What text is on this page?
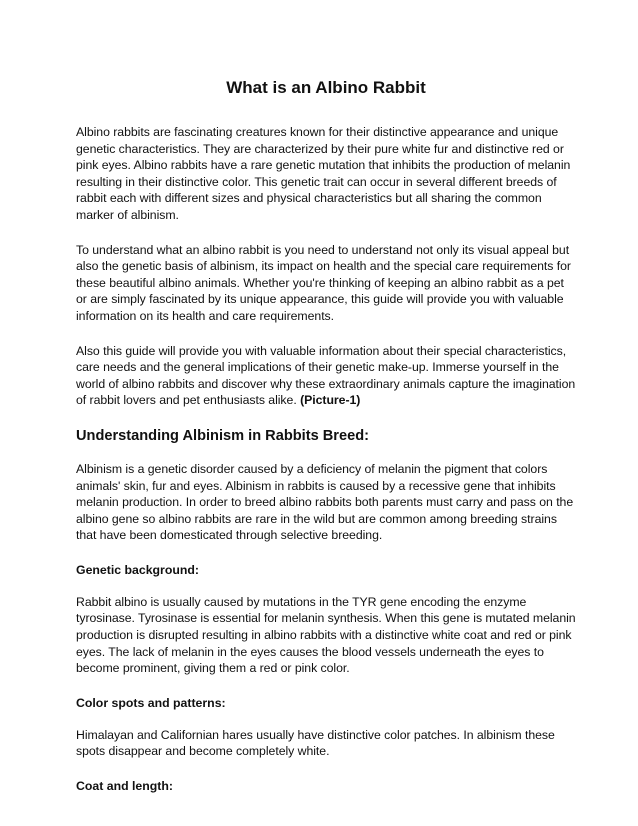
What is an Albino Rabbit

Albino rabbits are fascinating creatures known for their distinctive appearance and unique genetic characteristics. They are characterized by their pure white fur and distinctive red or pink eyes. Albino rabbits have a rare genetic mutation that inhibits the production of melanin resulting in their distinctive color. This genetic trait can occur in several different breeds of rabbit each with different sizes and physical characteristics but all sharing the common marker of albinism.

To understand what an albino rabbit is you need to understand not only its visual appeal but also the genetic basis of albinism, its impact on health and the special care requirements for these beautiful albino animals. Whether you're thinking of keeping an albino rabbit as a pet or are simply fascinated by its unique appearance, this guide will provide you with valuable information on its health and care requirements.

Also this guide will provide you with valuable information about their special characteristics, care needs and the general implications of their genetic make-up. Immerse yourself in the world of albino rabbits and discover why these extraordinary animals capture the imagination of rabbit lovers and pet enthusiasts alike. (Picture-1)

Understanding Albinism in Rabbits Breed:

Albinism is a genetic disorder caused by a deficiency of melanin the pigment that colors animals' skin, fur and eyes. Albinism in rabbits is caused by a recessive gene that inhibits melanin production. In order to breed albino rabbits both parents must carry and pass on the albino gene so albino rabbits are rare in the wild but are common among breeding strains that have been domesticated through selective breeding.

Genetic background:

Rabbit albino is usually caused by mutations in the TYR gene encoding the enzyme tyrosinase. Tyrosinase is essential for melanin synthesis. When this gene is mutated melanin production is disrupted resulting in albino rabbits with a distinctive white coat and red or pink eyes. The lack of melanin in the eyes causes the blood vessels underneath the eyes to become prominent, giving them a red or pink color.

Color spots and patterns:

Himalayan and Californian hares usually have distinctive color patches. In albinism these spots disappear and become completely white.

Coat and length:
